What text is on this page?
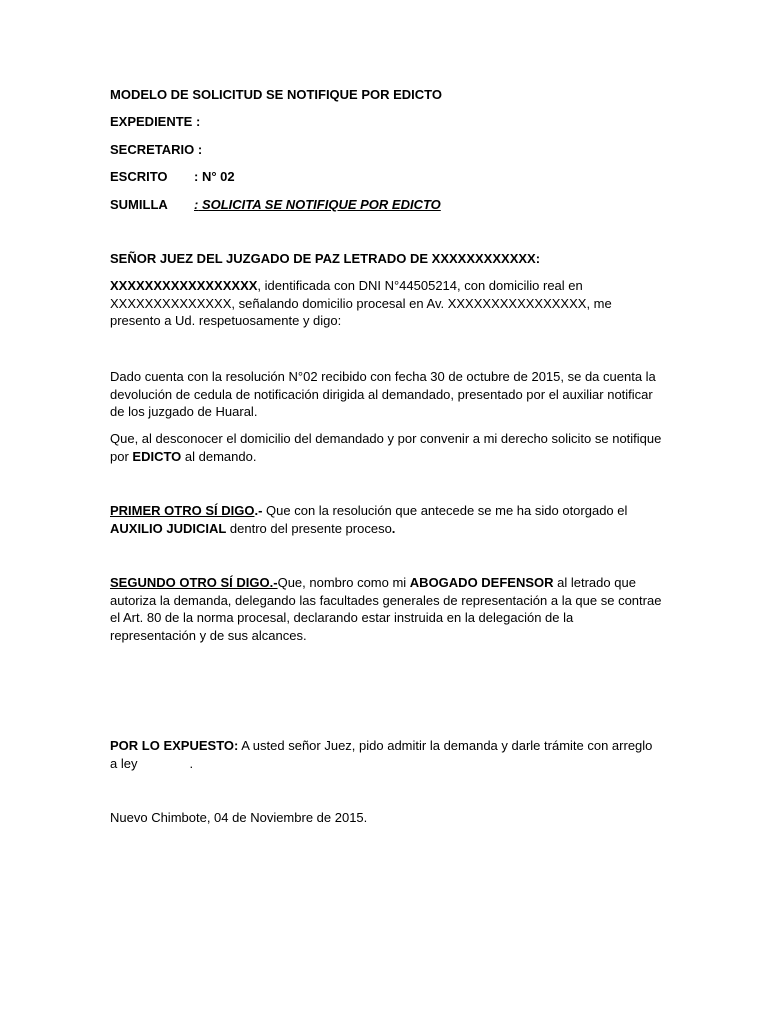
MODELO DE SOLICITUD SE NOTIFIQUE POR EDICTO

EXPEDIENTE :
SECRETARIO :
ESCRITO : N° 02
SUMILLA : SOLICITA SE NOTIFIQUE POR EDICTO

SEÑOR JUEZ DEL JUZGADO DE PAZ LETRADO DE XXXXXXXXXXXX:

XXXXXXXXXXXXXXXXX, identificada con DNI N°44505214, con domicilio real en XXXXXXXXXXXXXX, señalando domicilio procesal en Av. XXXXXXXXXXXXXXXX, me presento a Ud. respetuosamente y digo:

Dado cuenta con la resolución N°02 recibido con fecha 30 de octubre de 2015, se da cuenta la devolución de cedula de notificación dirigida al demandado, presentado por el auxiliar notificar de los juzgado de Huaral.

Que, al desconocer el domicilio del demandado y por convenir a mi derecho solicito se notifique por EDICTO al demando.

PRIMER OTRO SÍ DIGO.- Que con la resolución que antecede se me ha sido otorgado el AUXILIO JUDICIAL dentro del presente proceso.

SEGUNDO OTRO SÍ DIGO.-Que, nombro como mi ABOGADO DEFENSOR al letrado que autoriza la demanda, delegando las facultades generales de representación a la que se contrae el Art. 80 de la norma procesal, declarando estar instruida en la delegación de la representación y de sus alcances.

POR LO EXPUESTO: A usted señor Juez, pido admitir la demanda y darle trámite con arreglo a ley	.

Nuevo Chimbote, 04 de Noviembre de 2015.
